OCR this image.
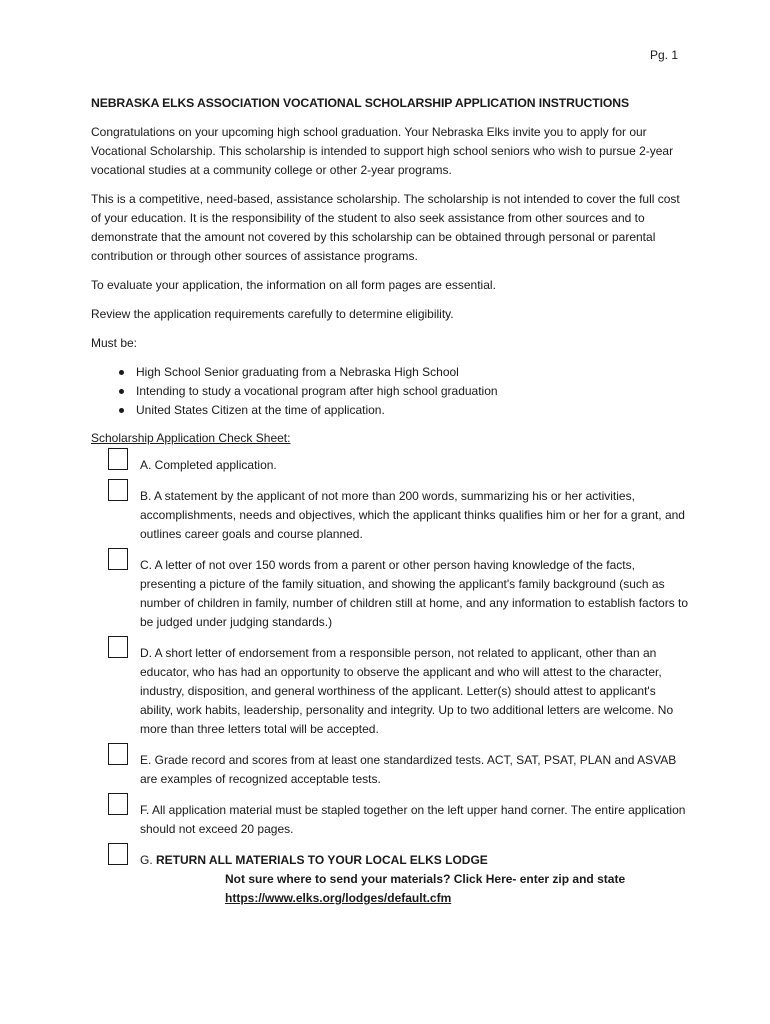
Pg. 1
NEBRASKA ELKS ASSOCIATION VOCATIONAL SCHOLARSHIP APPLICATION INSTRUCTIONS

Congratulations on your upcoming high school graduation. Your Nebraska Elks invite you to apply for our Vocational Scholarship. This scholarship is intended to support high school seniors who wish to pursue 2-year vocational studies at a community college or other 2-year programs.

This is a competitive, need-based, assistance scholarship. The scholarship is not intended to cover the full cost of your education. It is the responsibility of the student to also seek assistance from other sources and to demonstrate that the amount not covered by this scholarship can be obtained through personal or parental contribution or through other sources of assistance programs.

To evaluate your application, the information on all form pages are essential.

Review the application requirements carefully to determine eligibility.

Must be:

High School Senior graduating from a Nebraska High School
Intending to study a vocational program after high school graduation
United States Citizen at the time of application.
Scholarship Application Check Sheet:
A. Completed application.
B. A statement by the applicant of not more than 200 words, summarizing his or her activities, accomplishments, needs and objectives, which the applicant thinks qualifies him or her for a grant, and outlines career goals and course planned.
C. A letter of not over 150 words from a parent or other person having knowledge of the facts, presenting a picture of the family situation, and showing the applicant's family background (such as number of children in family, number of children still at home, and any information to establish factors to be judged under judging standards.)
D. A short letter of endorsement from a responsible person, not related to applicant, other than an educator, who has had an opportunity to observe the applicant and who will attest to the character, industry, disposition, and general worthiness of the applicant. Letter(s) should attest to applicant's ability, work habits, leadership, personality and integrity. Up to two additional letters are welcome. No more than three letters total will be accepted.
E. Grade record and scores from at least one standardized tests. ACT, SAT, PSAT, PLAN and ASVAB are examples of recognized acceptable tests.
F. All application material must be stapled together on the left upper hand corner. The entire application should not exceed 20 pages.
G. RETURN ALL MATERIALS TO YOUR LOCAL ELKS LODGE
Not sure where to send your materials? Click Here- enter zip and state
https://www.elks.org/lodges/default.cfm
